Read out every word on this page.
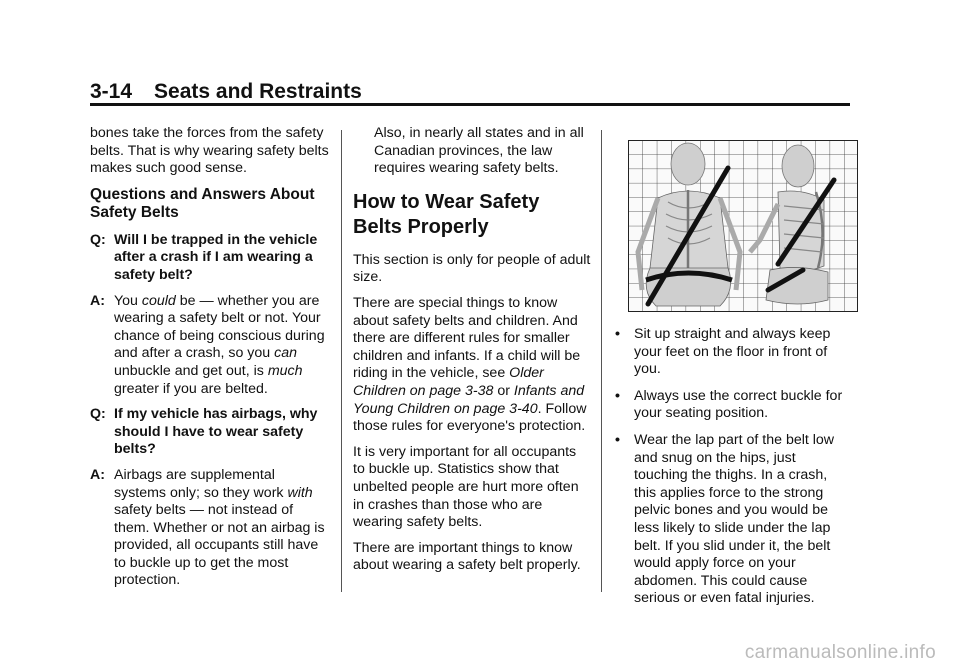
3-14 Seats and Restraints

bones take the forces from the safety belts. That is why wearing safety belts makes such good sense.

Questions and Answers About Safety Belts
Q: Will I be trapped in the vehicle after a crash if I am wearing a safety belt?
A: You could be — whether you are wearing a safety belt or not. Your chance of being conscious during and after a crash, so you can unbuckle and get out, is much greater if you are belted.
Q: If my vehicle has airbags, why should I have to wear safety belts?
A: Airbags are supplemental systems only; so they work with safety belts — not instead of them. Whether or not an airbag is provided, all occupants still have to buckle up to get the most protection.

Also, in nearly all states and in all Canadian provinces, the law requires wearing safety belts.

How to Wear Safety Belts Properly

This section is only for people of adult size.

There are special things to know about safety belts and children. And there are different rules for smaller children and infants. If a child will be riding in the vehicle, see Older Children on page 3-38 or Infants and Young Children on page 3-40. Follow those rules for everyone's protection.

It is very important for all occupants to buckle up. Statistics show that unbelted people are hurt more often in crashes than those who are wearing safety belts.

There are important things to know about wearing a safety belt properly.

• Sit up straight and always keep your feet on the floor in front of you.
• Always use the correct buckle for your seating position.
• Wear the lap part of the belt low and snug on the hips, just touching the thighs. In a crash, this applies force to the strong pelvic bones and you would be less likely to slide under the lap belt. If you slid under it, the belt would apply force on your abdomen. This could cause serious or even fatal injuries.
carmanualsonline.info
